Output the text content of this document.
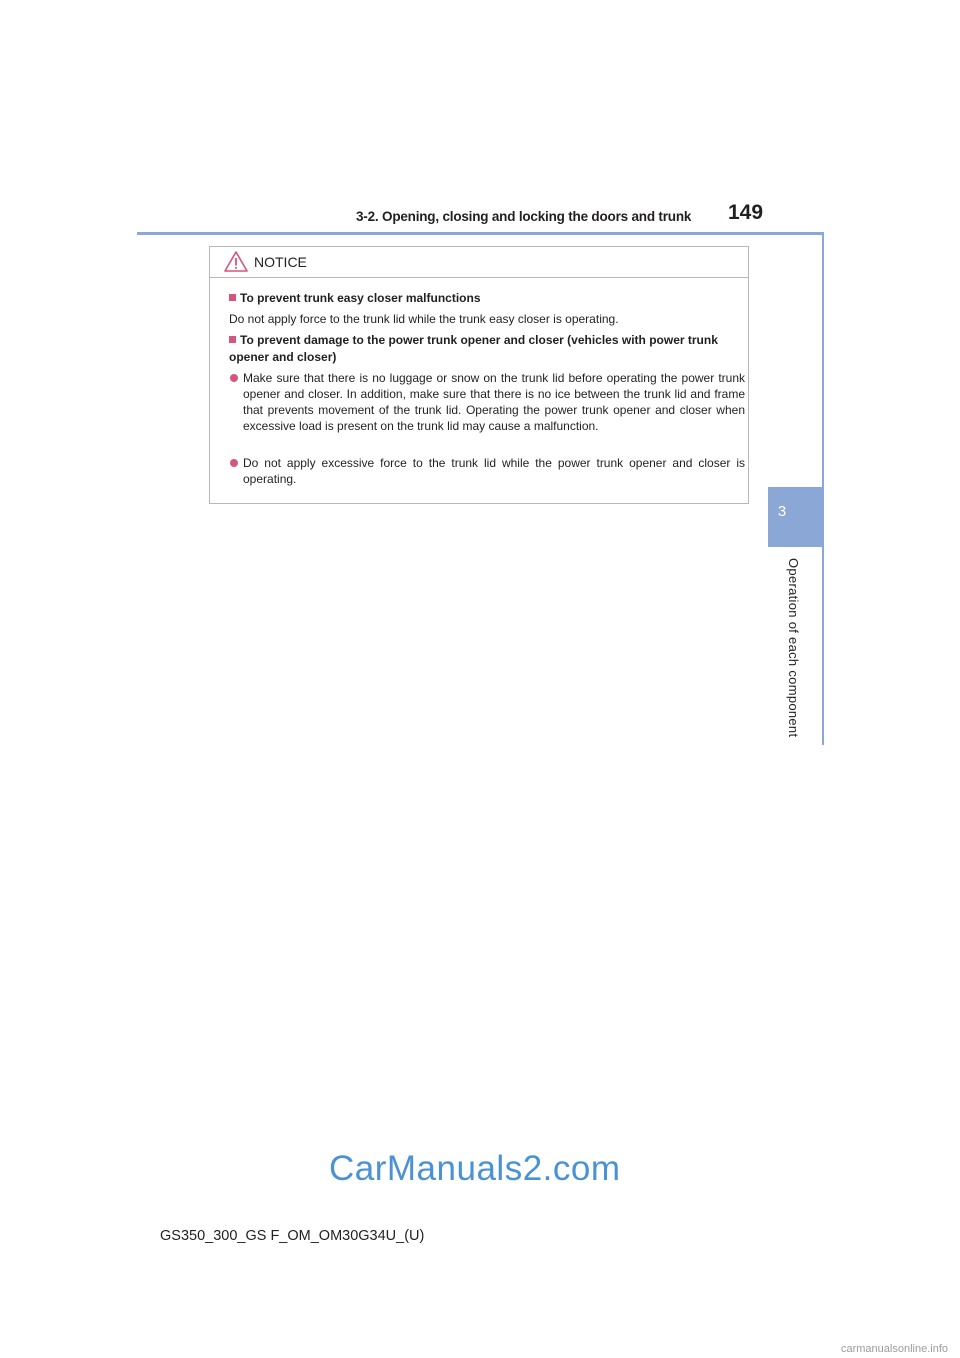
3-2. Opening, closing and locking the doors and trunk 149
3
Operation of each component
NOTICE
To prevent trunk easy closer malfunctions
Do not apply force to the trunk lid while the trunk easy closer is operating.
To prevent damage to the power trunk opener and closer (vehicles with power trunk opener and closer)
Make sure that there is no luggage or snow on the trunk lid before operating the power trunk opener and closer. In addition, make sure that there is no ice between the trunk lid and frame that prevents movement of the trunk lid. Operating the power trunk opener and closer when excessive load is present on the trunk lid may cause a malfunction.
Do not apply excessive force to the trunk lid while the power trunk opener and closer is operating.
CarManuals2.com
GS350_300_GS F_OM_OM30G34U_(U)
carmanualsonline.info
